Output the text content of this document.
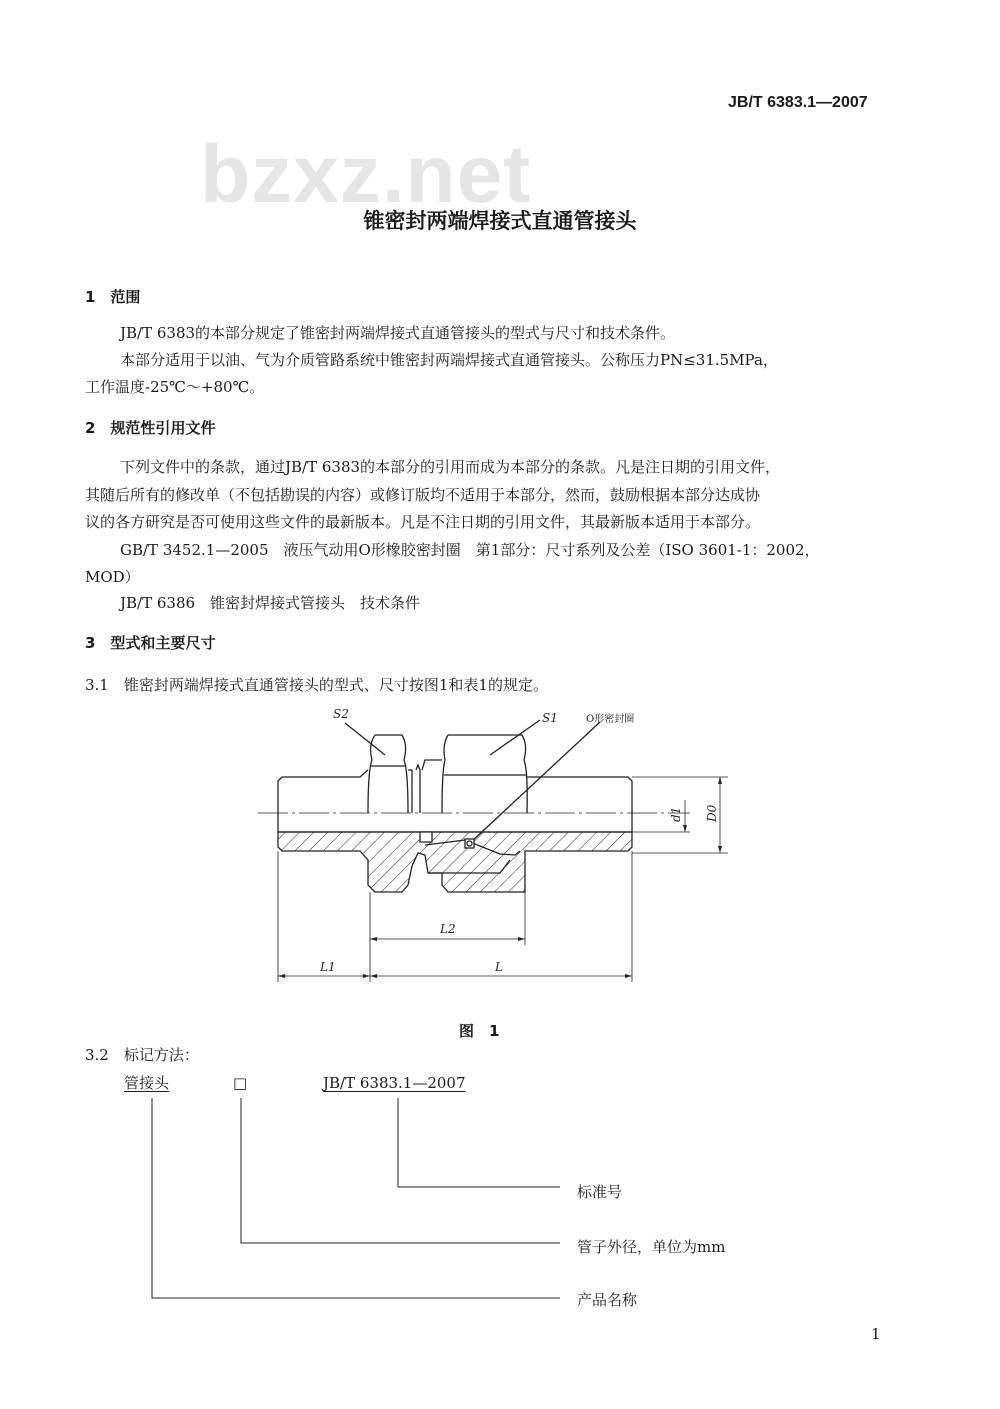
JB/T 6383.1—2007
bzxz.net
锥密封两端焊接式直通管接头
1　范围
JB/T 6383的本部分规定了锥密封两端焊接式直通管接头的型式与尺寸和技术条件。
本部分适用于以油、气为介质管路系统中锥密封两端焊接式直通管接头。公称压力PN≤31.5MPa，
工作温度-25℃～+80℃。
2　规范性引用文件
下列文件中的条款，通过JB/T 6383的本部分的引用而成为本部分的条款。凡是注日期的引用文件，
其随后所有的修改单（不包括勘误的内容）或修订版均不适用于本部分，然而，鼓励根据本部分达成协
议的各方研究是否可使用这些文件的最新版本。凡是不注日期的引用文件，其最新版本适用于本部分。
GB/T 3452.1—2005　液压气动用O形橡胶密封圈　第1部分：尺寸系列及公差（ISO 3601-1：2002，
MOD）
JB/T 6386　锥密封焊接式管接头　技术条件
3　型式和主要尺寸
3.1　锥密封两端焊接式直通管接头的型式、尺寸按图1和表1的规定。
S2	S1	O形密封圈
d1 D0
L2
L1	L
图　1
3.2　标记方法：
管接头	□	JB/T 6383.1—2007
标准号
管子外径，单位为mm
产品名称
1
